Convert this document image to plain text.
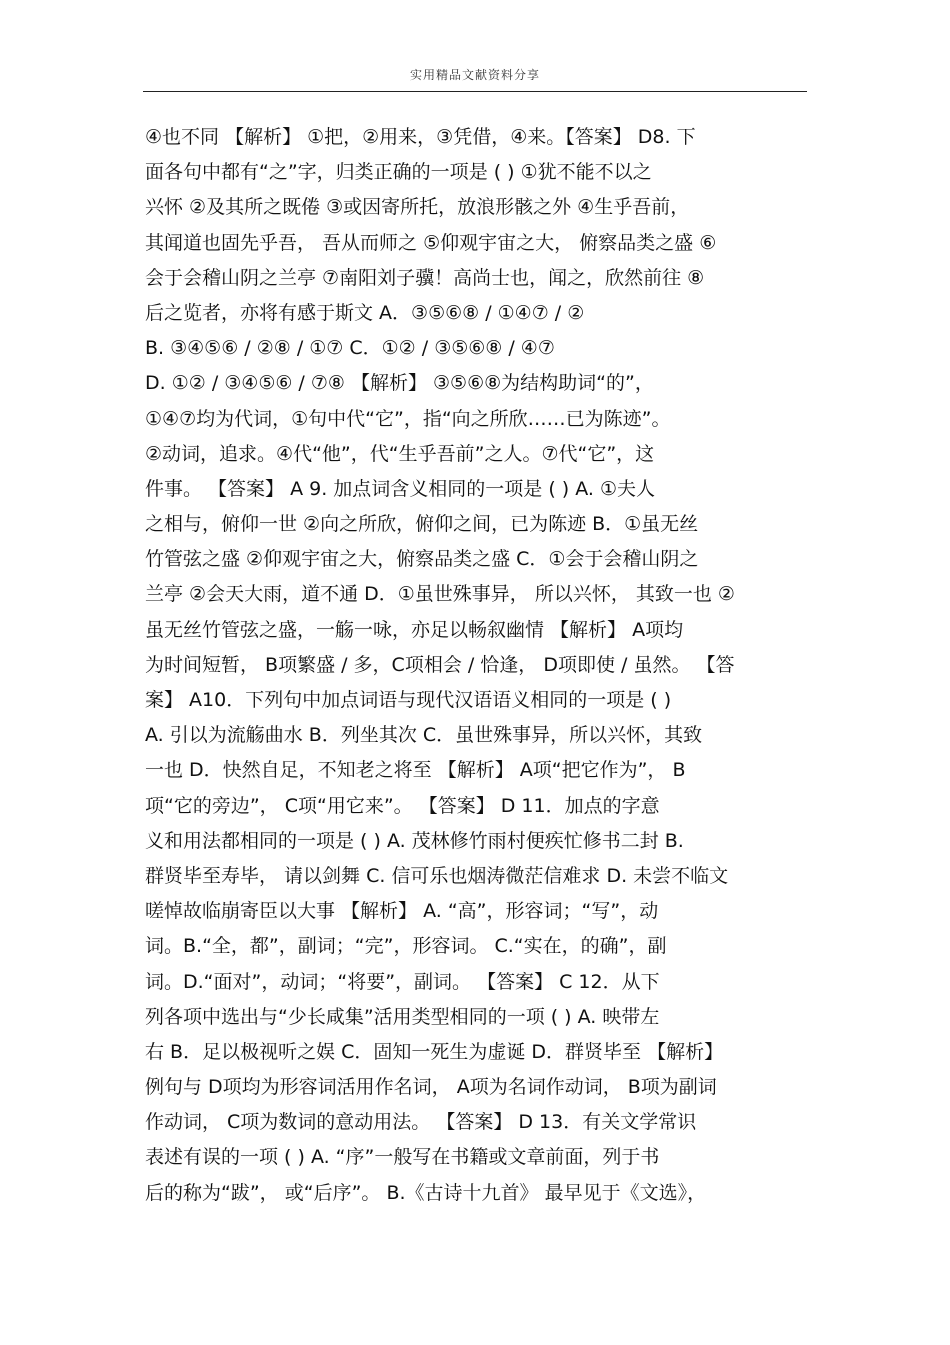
实用精品文献资料分享
④也不同 【解析】 ①把，②用来，③凭借，④来。【答案】 D8. 下
面各句中都有“之”字，归类正确的一项是 ( ) ①犹不能不以之
兴怀 ②及其所之既倦 ③或因寄所托，放浪形骸之外 ④生乎吾前，
其闻道也固先乎吾， 吾从而师之 ⑤仰观宇宙之大， 俯察品类之盛 ⑥
会于会稽山阴之兰亭 ⑦南阳刘子骥！高尚士也，闻之，欣然前往 ⑧
后之览者，亦将有感于斯文 A．③⑤⑥⑧ / ①④⑦ / ②
B. ③④⑤⑥ / ②⑧ / ①⑦ C．①② / ③⑤⑥⑧ / ④⑦
D. ①② / ③④⑤⑥ / ⑦⑧ 【解析】 ③⑤⑥⑧为结构助词“的”，
①④⑦均为代词，①句中代“它”，指“向之所欣……已为陈迹”。
②动词，追求。④代“他”，代“生乎吾前”之人。⑦代“它”，这
件事。 【答案】 A 9. 加点词含义相同的一项是 ( ) A. ①夫人
之相与，俯仰一世 ②向之所欣，俯仰之间，已为陈迹 B．①虽无丝
竹管弦之盛 ②仰观宇宙之大，俯察品类之盛 C．①会于会稽山阴之
兰亭 ②会天大雨，道不通 D．①虽世殊事异， 所以兴怀， 其致一也 ②
虽无丝竹管弦之盛，一觞一咏，亦足以畅叙幽情 【解析】 A项均
为时间短暂， B项繁盛 / 多，C项相会 / 恰逢， D项即使 / 虽然。 【答
案】 A10．下列句中加点词语与现代汉语语义相同的一项是 ( )
A. 引以为流觞曲水 B．列坐其次 C．虽世殊事异，所以兴怀，其致
一也 D．快然自足，不知老之将至 【解析】 A项“把它作为”， B
项“它的旁边”， C项“用它来”。 【答案】 D 11．加点的字意
义和用法都相同的一项是 ( ) A. 茂林修竹雨村便疾忙修书二封 B.
群贤毕至寿毕， 请以剑舞 C. 信可乐也烟涛微茫信难求 D. 未尝不临文
嗟悼故临崩寄臣以大事 【解析】 A. “高”，形容词；“写”，动
词。B.“全，都”，副词；“完”，形容词。 C.“实在，的确”，副
词。D.“面对”，动词；“将要”，副词。 【答案】 C 12．从下
列各项中选出与“少长咸集”活用类型相同的一项 ( ) A. 映带左
右 B．足以极视听之娱 C．固知一死生为虚诞 D．群贤毕至 【解析】
例句与 D项均为形容词活用作名词， A项为名词作动词， B项为副词
作动词， C项为数词的意动用法。 【答案】 D 13．有关文学常识
表述有误的一项 ( ) A. “序”一般写在书籍或文章前面，列于书
后的称为“跋”， 或“后序”。 B.《古诗十九首》 最早见于《文选》，
